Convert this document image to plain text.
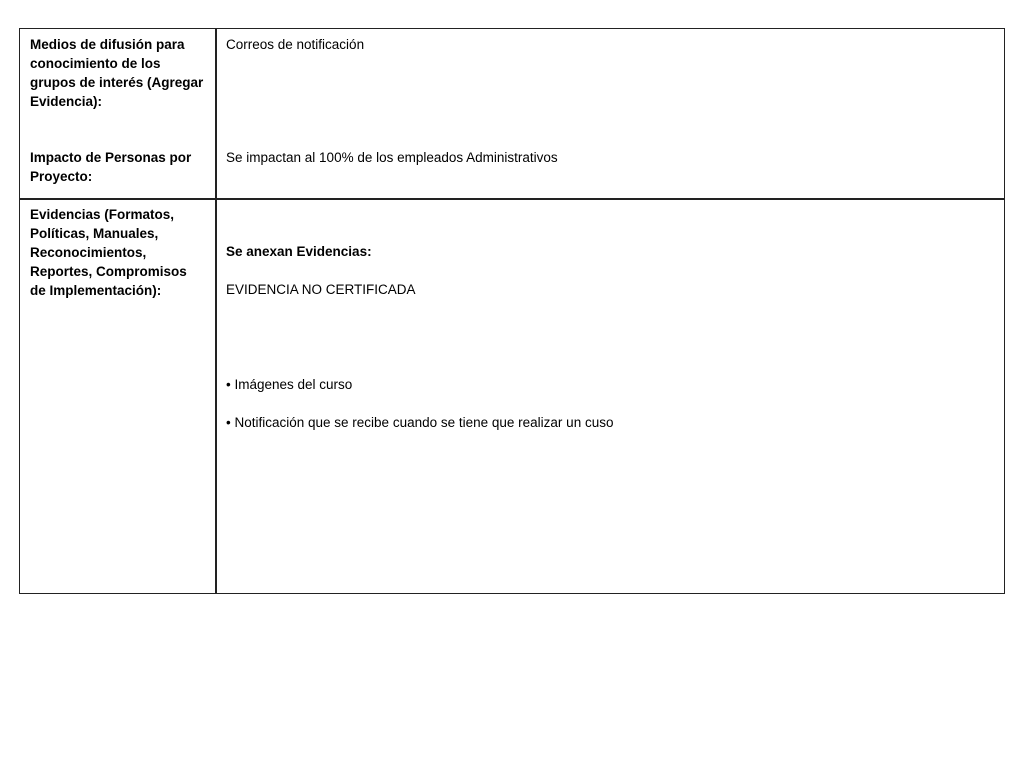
Medios de difusión para
conocimiento de los
grupos de interés (Agregar
Evidencia):
Correos de notificación
Impacto de Personas por
Proyecto:
Se impactan al 100% de los empleados Administrativos
Evidencias (Formatos,
Políticas, Manuales,
Reconocimientos,
Reportes, Compromisos
de Implementación):

Se anexan Evidencias:

EVIDENCIA NO CERTIFICADA

• Imágenes del curso

• Notificación que se recibe cuando se tiene que realizar un cuso
